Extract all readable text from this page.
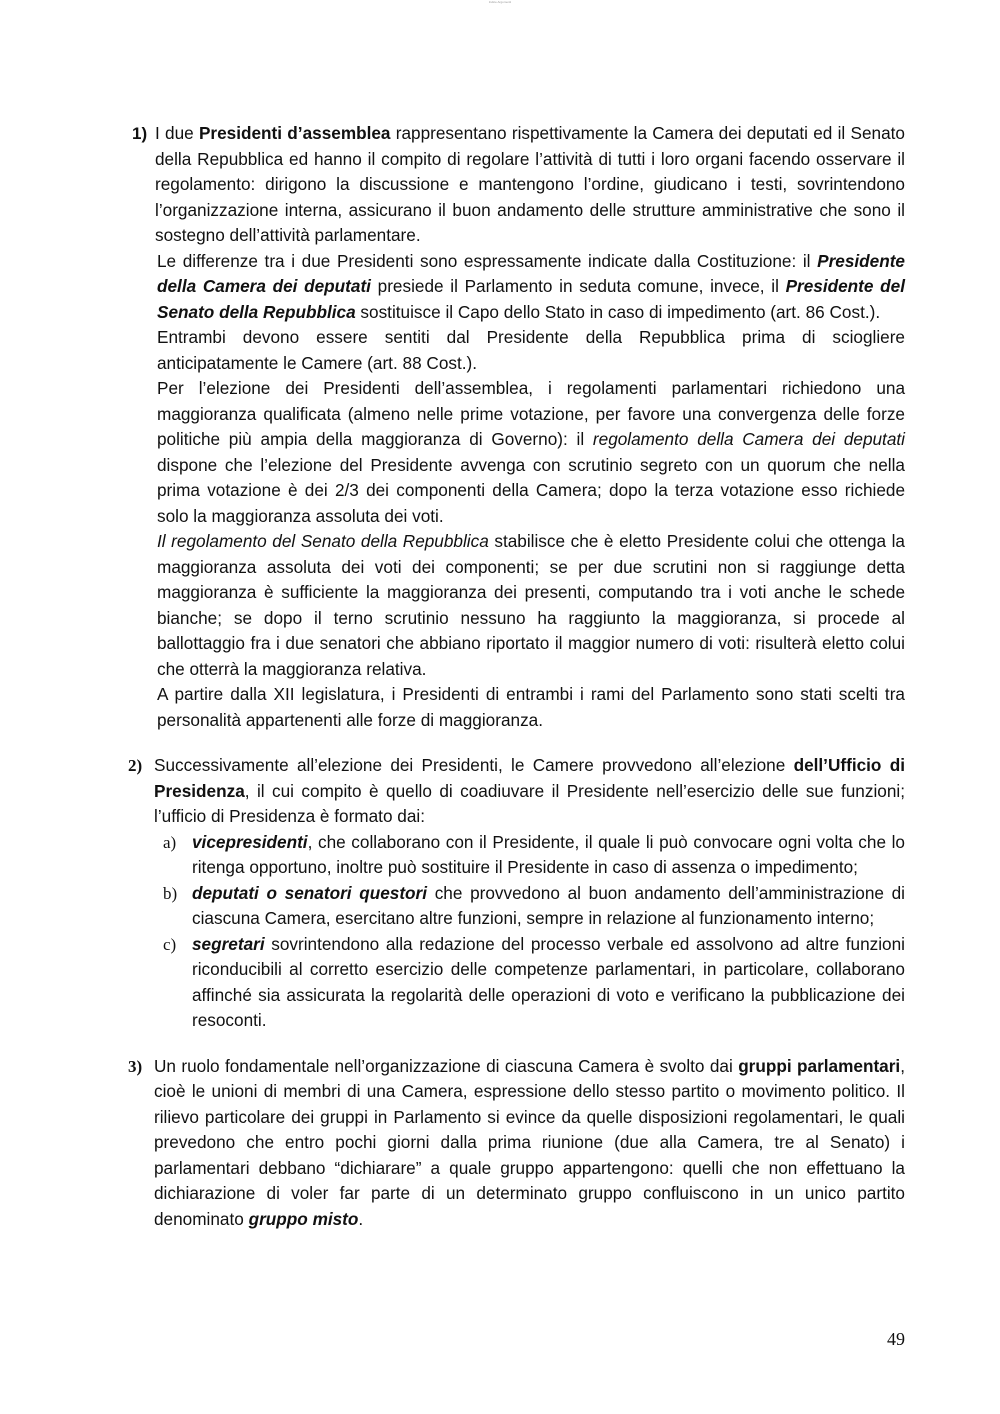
Indice Argomenti
1) I due Presidenti d’assemblea rappresentano rispettivamente la Camera dei deputati ed il Senato della Repubblica ed hanno il compito di regolare l’attività di tutti i loro organi facendo osservare il regolamento: dirigono la discussione e mantengono l’ordine, giudicano i testi, sovrintendono l’organizzazione interna, assicurano il buon andamento delle strutture amministrative che sono il sostegno dell’attività parlamentare.

Le differenze tra i due Presidenti sono espressamente indicate dalla Costituzione: il Presidente della Camera dei deputati presiede il Parlamento in seduta comune, invece, il Presidente del Senato della Repubblica sostituisce il Capo dello Stato in caso di impedimento (art. 86 Cost.).

Entrambi devono essere sentiti dal Presidente della Repubblica prima di sciogliere anticipatamente le Camere (art. 88 Cost.).

Per l’elezione dei Presidenti dell’assemblea, i regolamenti parlamentari richiedono una maggioranza qualificata (almeno nelle prime votazione, per favore una convergenza delle forze politiche più ampia della maggioranza di Governo): il regolamento della Camera dei deputati dispone che l’elezione del Presidente avvenga con scrutinio segreto con un quorum che nella prima votazione è dei 2/3 dei componenti della Camera; dopo la terza votazione esso richiede solo la maggioranza assoluta dei voti.

Il regolamento del Senato della Repubblica stabilisce che è eletto Presidente colui che ottenga la maggioranza assoluta dei voti dei componenti; se per due scrutini non si raggiunge detta maggioranza è sufficiente la maggioranza dei presenti, computando tra i voti anche le schede bianche; se dopo il terno scrutinio nessuno ha raggiunto la maggioranza, si procede al ballottaggio fra i due senatori che abbiano riportato il maggior numero di voti: risulterà eletto colui che otterrà la maggioranza relativa.

A partire dalla XII legislatura, i Presidenti di entrambi i rami del Parlamento sono stati scelti tra personalità appartenenti alle forze di maggioranza.

2) Successivamente all’elezione dei Presidenti, le Camere provvedono all’elezione dell’Ufficio di Presidenza, il cui compito è quello di coadiuvare il Presidente nell’esercizio delle sue funzioni; l’ufficio di Presidenza è formato dai:

a) vicepresidenti, che collaborano con il Presidente, il quale li può convocare ogni volta che lo ritenga opportuno, inoltre può sostituire il Presidente in caso di assenza o impedimento;

b) deputati o senatori questori che provvedono al buon andamento dell’amministrazione di ciascuna Camera, esercitano altre funzioni, sempre in relazione al funzionamento interno;

c) segretari sovrintendono alla redazione del processo verbale ed assolvono ad altre funzioni riconducibili al corretto esercizio delle competenze parlamentari, in particolare, collaborano affinché sia assicurata la regolarità delle operazioni di voto e verificano la pubblicazione dei resoconti.

3) Un ruolo fondamentale nell’organizzazione di ciascuna Camera è svolto dai gruppi parlamentari, cioè le unioni di membri di una Camera, espressione dello stesso partito o movimento politico. Il rilievo particolare dei gruppi in Parlamento si evince da quelle disposizioni regolamentari, le quali prevedono che entro pochi giorni dalla prima riunione (due alla Camera, tre al Senato) i parlamentari debbano “dichiarare” a quale gruppo appartengono: quelli che non effettuano la dichiarazione di voler far parte di un determinato gruppo confluiscono in un unico partito denominato gruppo misto.

49
